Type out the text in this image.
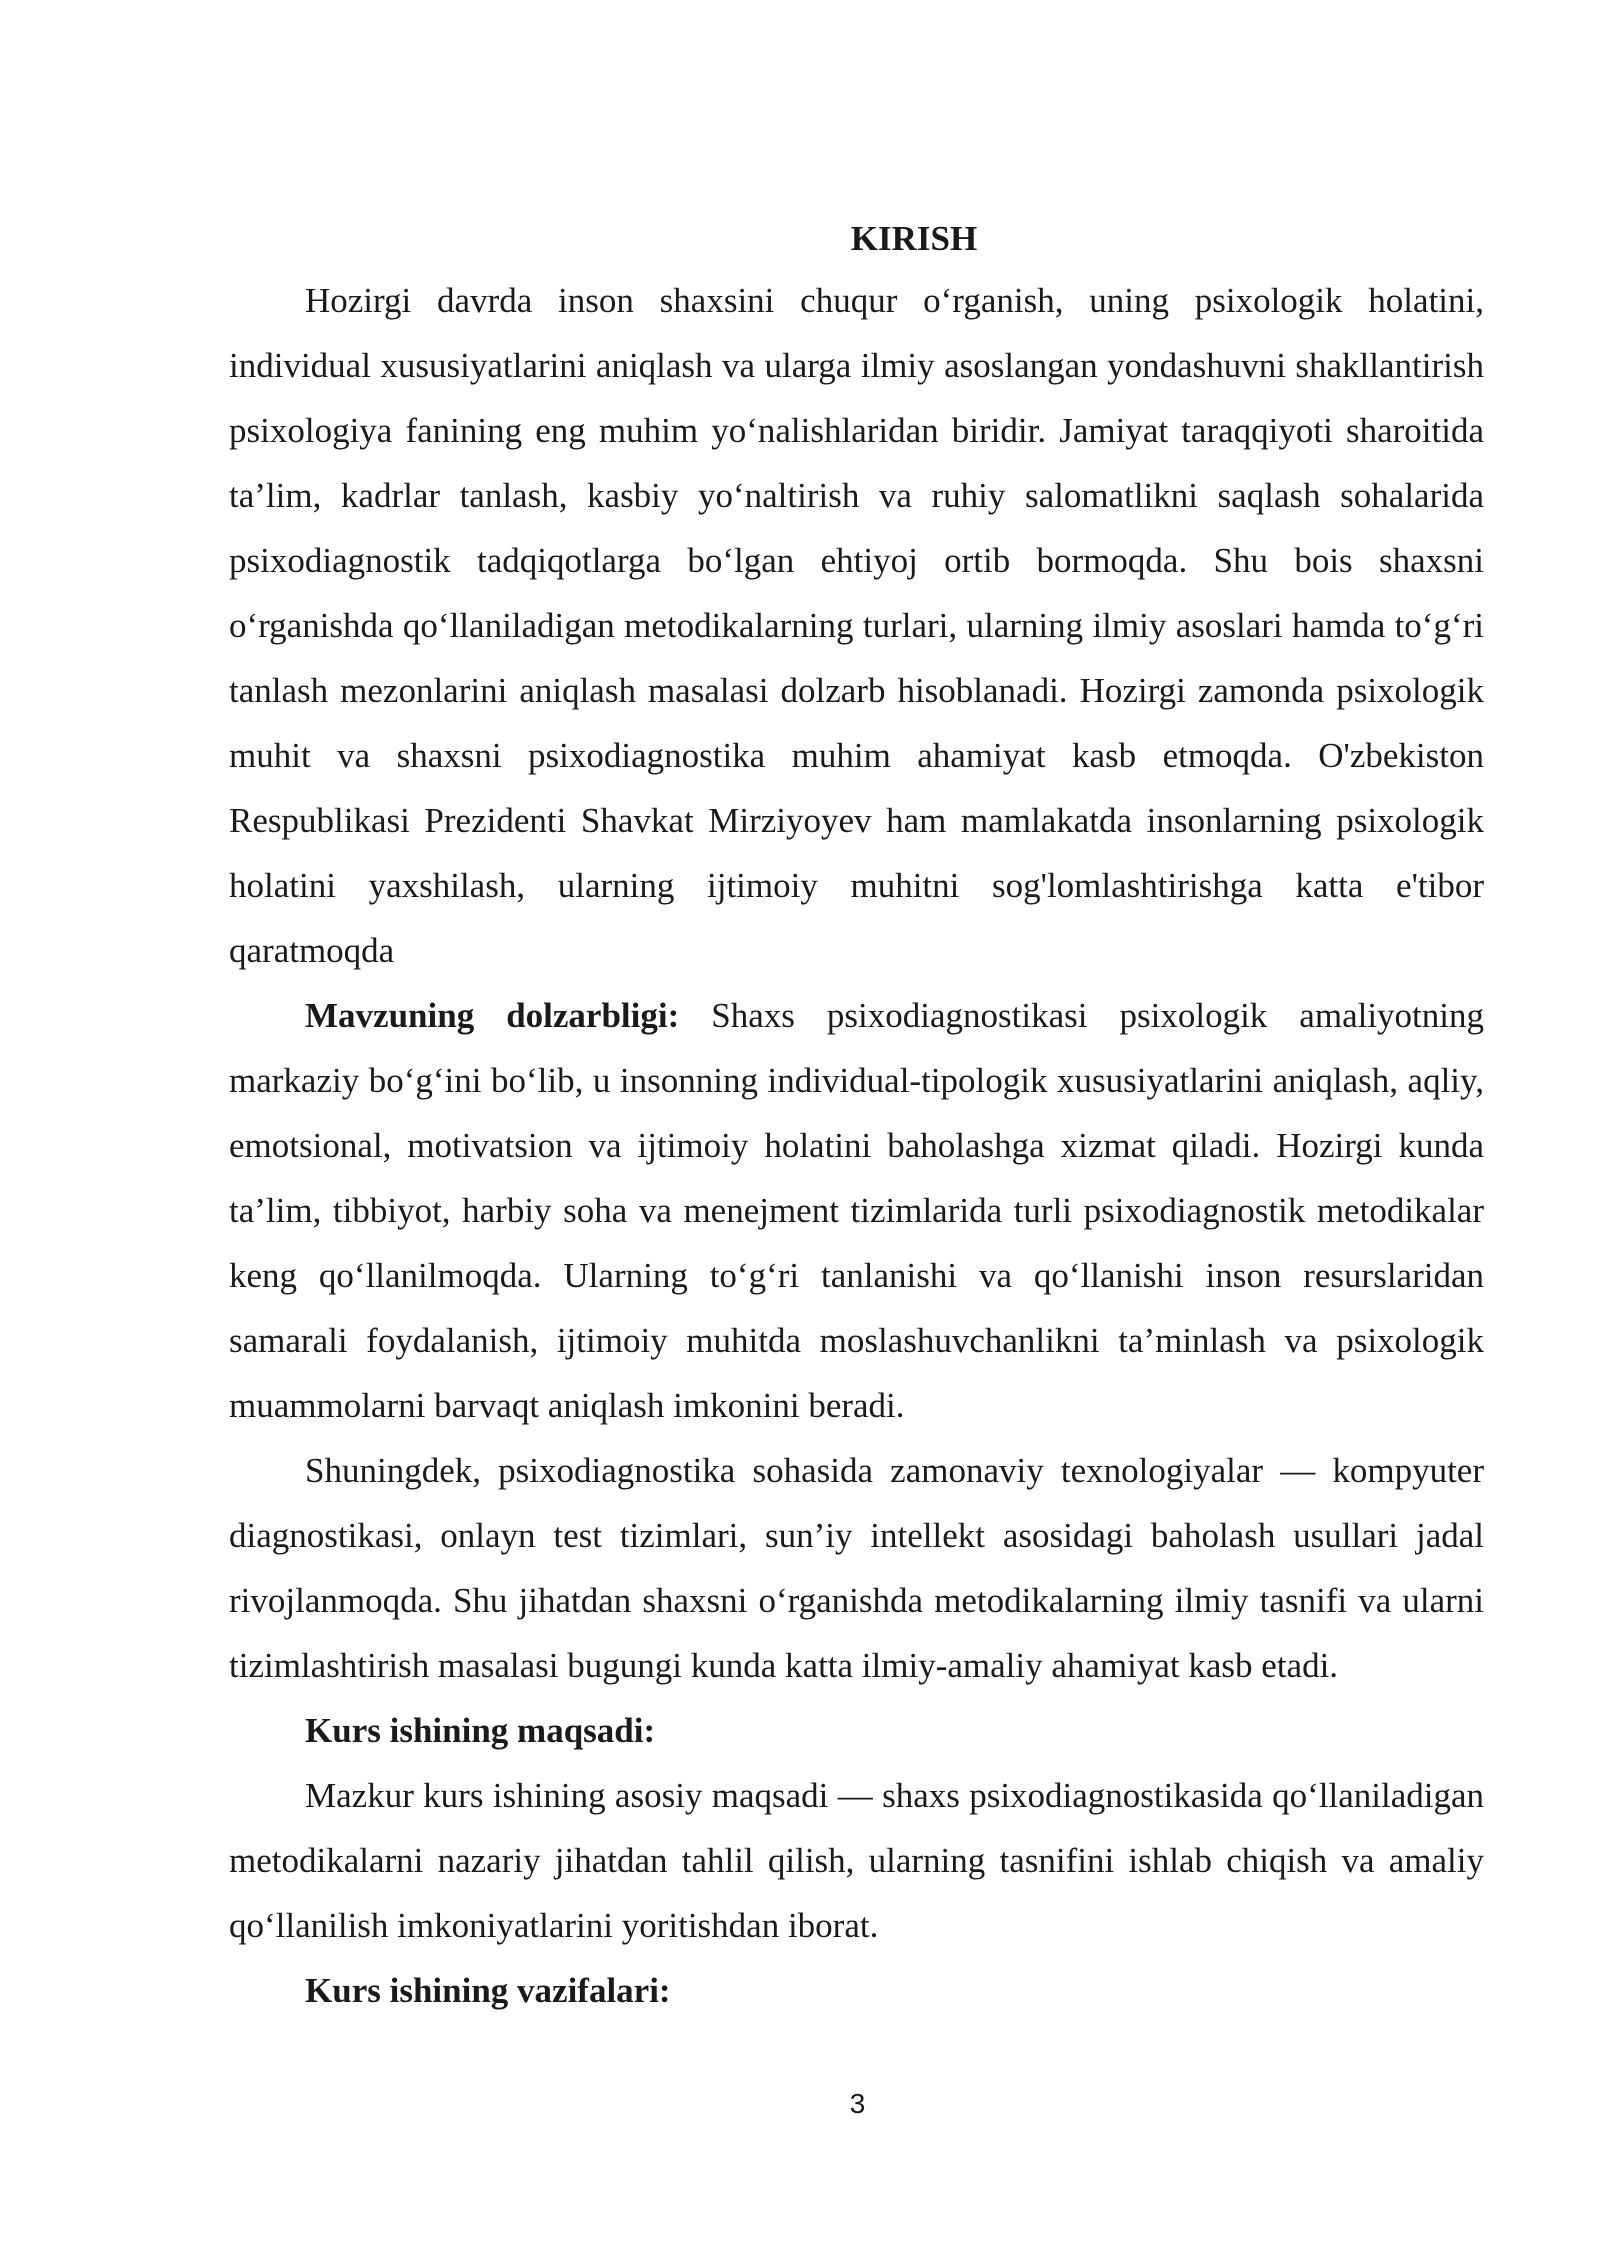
KIRISH

Hozirgi davrda inson shaxsini chuqur o‘rganish, uning psixologik holatini, individual xususiyatlarini aniqlash va ularga ilmiy asoslangan yondashuvni shakllantirish psixologiya fanining eng muhim yo‘nalishlaridan biridir. Jamiyat taraqqiyoti sharoitida ta’lim, kadrlar tanlash, kasbiy yo‘naltirish va ruhiy salomatlikni saqlash sohalarida psixodiagnostik tadqiqotlarga bo‘lgan ehtiyoj ortib bormoqda. Shu bois shaxsni o‘rganishda qo‘llaniladigan metodikalarning turlari, ularning ilmiy asoslari hamda to‘g‘ri tanlash mezonlarini aniqlash masalasi dolzarb hisoblanadi. Hozirgi zamonda psixologik muhit va shaxsni psixodiagnostika muhim ahamiyat kasb etmoqda. O'zbekiston Respublikasi Prezidenti Shavkat Mirziyoyev ham mamlakatda insonlarning psixologik holatini yaxshilash, ularning ijtimoiy muhitni sog'lomlashtirishga katta e'tibor qaratmoqda

Mavzuning dolzarbligi: Shaxs psixodiagnostikasi psixologik amaliyotning markaziy bo‘g‘ini bo‘lib, u insonning individual-tipologik xususiyatlarini aniqlash, aqliy, emotsional, motivatsion va ijtimoiy holatini baholashga xizmat qiladi. Hozirgi kunda ta’lim, tibbiyot, harbiy soha va menejment tizimlarida turli psixodiagnostik metodikalar keng qo‘llanilmoqda. Ularning to‘g‘ri tanlanishi va qo‘llanishi inson resurslaridan samarali foydalanish, ijtimoiy muhitda moslashuvchanlikni ta’minlash va psixologik muammolarni barvaqt aniqlash imkonini beradi.

Shuningdek, psixodiagnostika sohasida zamonaviy texnologiyalar — kompyuter diagnostikasi, onlayn test tizimlari, sun’iy intellekt asosidagi baholash usullari jadal rivojlanmoqda. Shu jihatdan shaxsni o‘rganishda metodikalarning ilmiy tasnifi va ularni tizimlashtirish masalasi bugungi kunda katta ilmiy-amaliy ahamiyat kasb etadi.

Kurs ishining maqsadi:

Mazkur kurs ishining asosiy maqsadi — shaxs psixodiagnostikasida qo‘llaniladigan metodikalarni nazariy jihatdan tahlil qilish, ularning tasnifini ishlab chiqish va amaliy qo‘llanilish imkoniyatlarini yoritishdan iborat.

Kurs ishining vazifalari:

3
